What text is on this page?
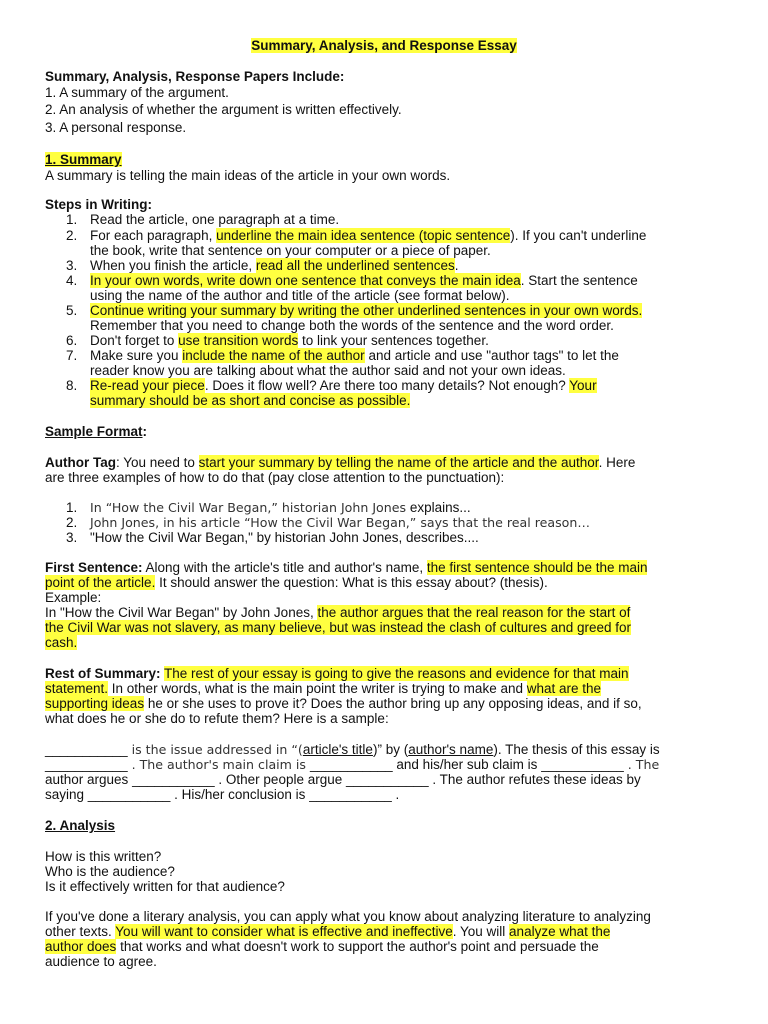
Summary, Analysis, and Response Essay
Summary, Analysis, Response Papers Include:
1. A summary of the argument.
2. An analysis of whether the argument is written effectively.
3. A personal response.
1. Summary
A summary is telling the main ideas of the article in your own words.
Steps in Writing:
1. Read the article, one paragraph at a time.
2. For each paragraph, underline the main idea sentence (topic sentence). If you can't underline
the book, write that sentence on your computer or a piece of paper.
3. When you finish the article, read all the underlined sentences.
4. In your own words, write down one sentence that conveys the main idea. Start the sentence
using the name of the author and title of the article (see format below).
5. Continue writing your summary by writing the other underlined sentences in your own words.
Remember that you need to change both the words of the sentence and the word order.
6. Don't forget to use transition words to link your sentences together.
7. Make sure you include the name of the author and article and use "author tags" to let the
reader know you are talking about what the author said and not your own ideas.
8. Re-read your piece. Does it flow well? Are there too many details? Not enough? Your
summary should be as short and concise as possible.
Sample Format:
Author Tag: You need to start your summary by telling the name of the article and the author. Here
are three examples of how to do that (pay close attention to the punctuation):
1. In “How the Civil War Began,” historian John Jones explains...
2. John Jones, in his article “How the Civil War Began,” says that the real reason…
3. "How the Civil War Began," by historian John Jones, describes....
First Sentence: Along with the article's title and author's name, the first sentence should be the main
point of the article. It should answer the question: What is this essay about? (thesis).
Example:
In "How the Civil War Began" by John Jones, the author argues that the real reason for the start of
the Civil War was not slavery, as many believe, but was instead the clash of cultures and greed for
cash.
Rest of Summary: The rest of your essay is going to give the reasons and evidence for that main
statement. In other words, what is the main point the writer is trying to make and what are the
supporting ideas he or she uses to prove it? Does the author bring up any opposing ideas, and if so,
what does he or she do to refute them? Here is a sample:
___________ is the issue addressed in “(article's title)” by (author's name). The thesis of this essay is
___________ . The author's main claim is ___________ and his/her sub claim is ___________ . The
author argues ___________ . Other people argue ___________ . The author refutes these ideas by
saying ___________ . His/her conclusion is ___________ .
2. Analysis
How is this written?
Who is the audience?
Is it effectively written for that audience?
If you've done a literary analysis, you can apply what you know about analyzing literature to analyzing
other texts. You will want to consider what is effective and ineffective. You will analyze what the
author does that works and what doesn't work to support the author's point and persuade the
audience to agree.
